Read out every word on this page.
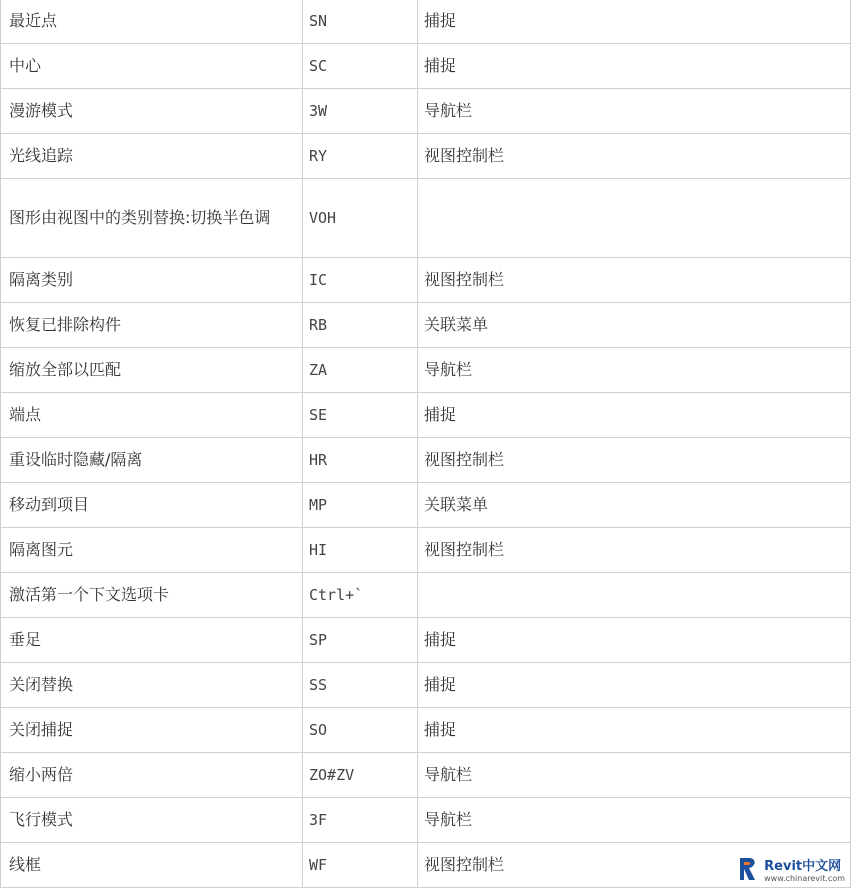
最近点	SN	捕捉
中心	SC	捕捉
漫游模式	3W	导航栏
光线追踪	RY	视图控制栏
图形由视图中的类别替换:切换半色调	VOH	
隔离类别	IC	视图控制栏
恢复已排除构件	RB	关联菜单
缩放全部以匹配	ZA	导航栏
端点	SE	捕捉
重设临时隐藏/隔离	HR	视图控制栏
移动到项目	MP	关联菜单
隔离图元	HI	视图控制栏
激活第一个下文选项卡	Ctrl+`	
垂足	SP	捕捉
关闭替换	SS	捕捉
关闭捕捉	SO	捕捉
缩小两倍	ZO#ZV	导航栏
飞行模式	3F	导航栏
线框	WF	视图控制栏	Revit中文网
www.chinarevit.com
